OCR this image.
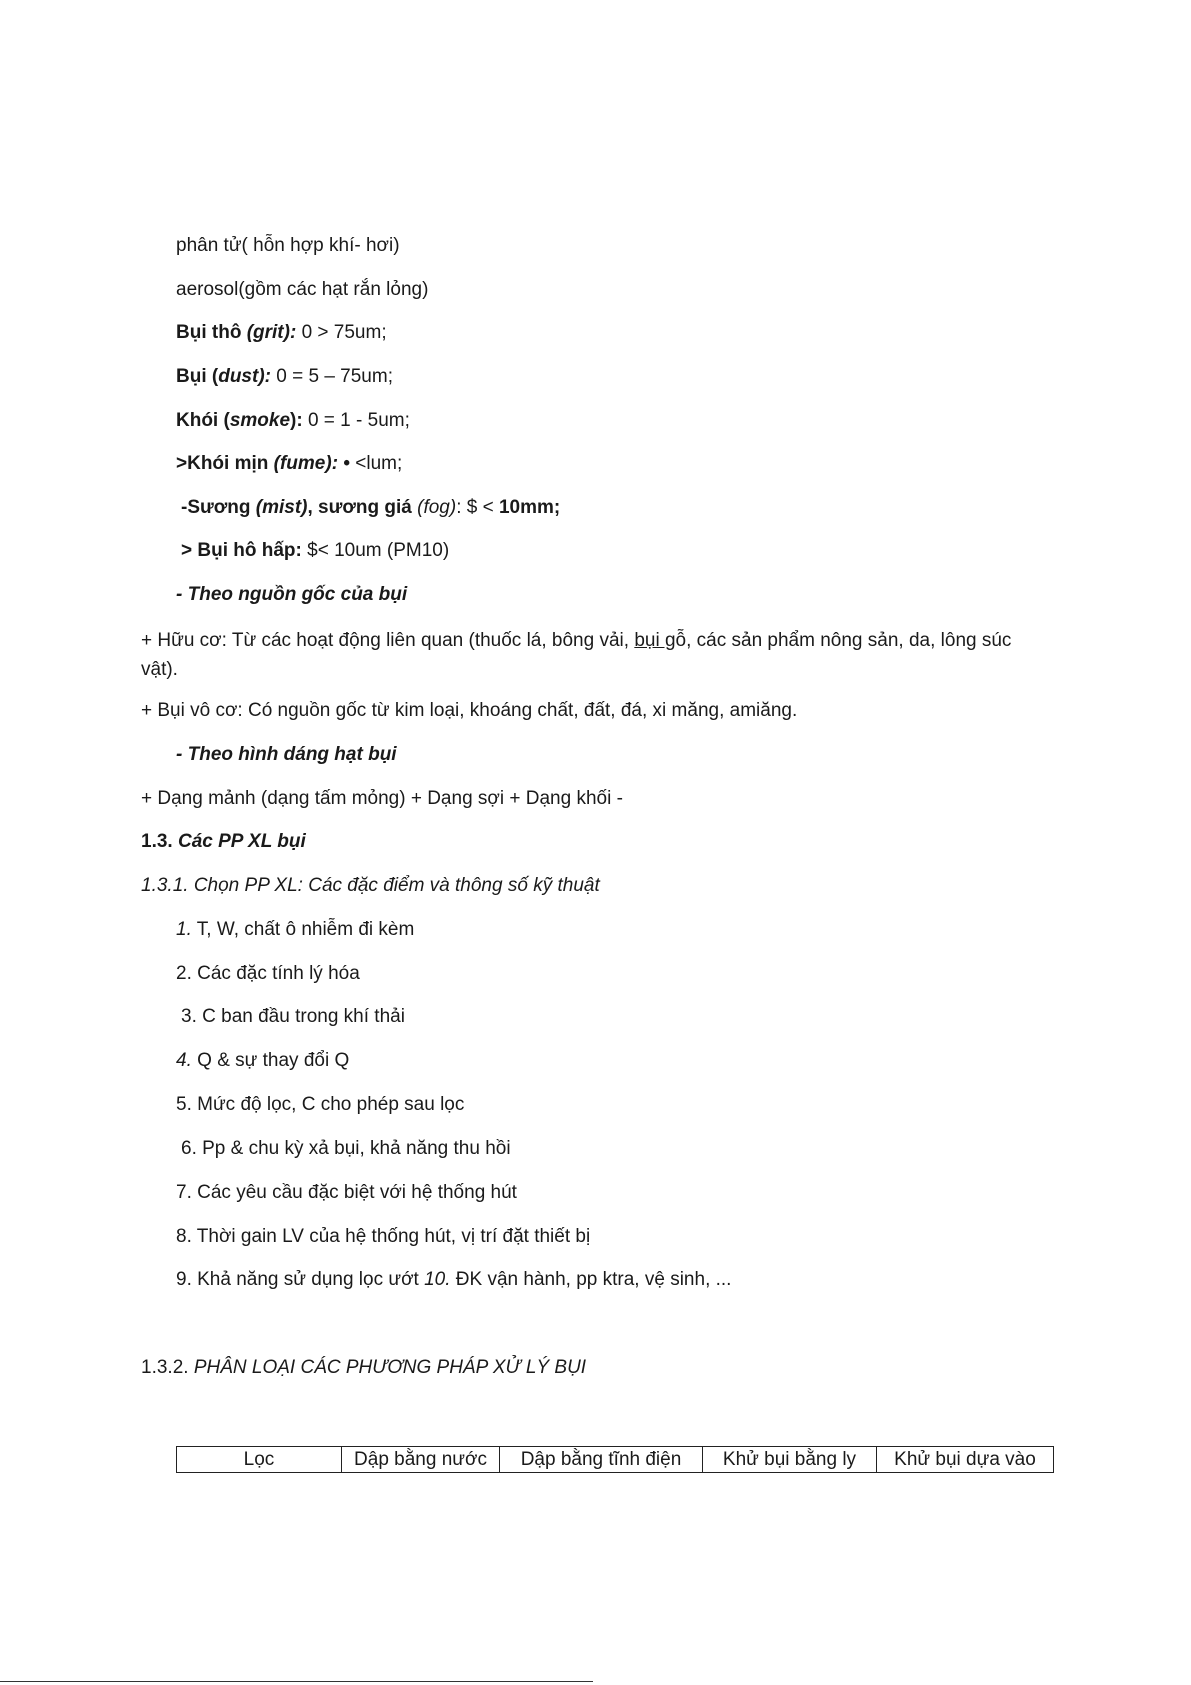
phân tử( hỗn hợp khí- hơi)
aerosol(gồm các hạt rắn lỏng)
Bụi thô (grit): 0 > 75um;
Bụi (dust): 0 = 5 – 75um;
Khói (smoke): 0 = 1 - 5um;
>Khói mịn (fume): • <lum;
-Sương (mist), sương giá (fog): $ < 10mm;
> Bụi hô hấp: $< 10um (PM10)
- Theo nguồn gốc của bụi
+ Hữu cơ: Từ các hoạt động liên quan (thuốc lá, bông vải, bụi gỗ, các sản phẩm nông sản, da, lông súc vật).
+ Bụi vô cơ: Có nguồn gốc từ kim loại, khoáng chất, đất, đá, xi măng, amiăng.
- Theo hình dáng hạt bụi
+ Dạng mảnh (dạng tấm mỏng) + Dạng sợi + Dạng khối -
1.3. Các PP XL bụi
1.3.1. Chọn PP XL: Các đặc điểm và thông số kỹ thuật
1. T, W, chất ô nhiễm đi kèm
2. Các đặc tính lý hóa
3. C ban đầu trong khí thải
4. Q & sự thay đổi Q
5. Mức độ lọc, C cho phép sau lọc
6. Pp & chu kỳ xả bụi, khả năng thu hồi
7. Các yêu cầu đặc biệt với hệ thống hút
8. Thời gain LV của hệ thống hút, vị trí đặt thiết bị
9. Khả năng sử dụng lọc ướt 10. ĐK vận hành, pp ktra, vệ sinh, ...
1.3.2. PHÂN LOẠI CÁC PHƯƠNG PHÁP XỬ LÝ BỤI
Lọc	Dập bằng nước	Dập bằng tĩnh điện	Khử bụi bằng ly	Khử bụi dựa vào
